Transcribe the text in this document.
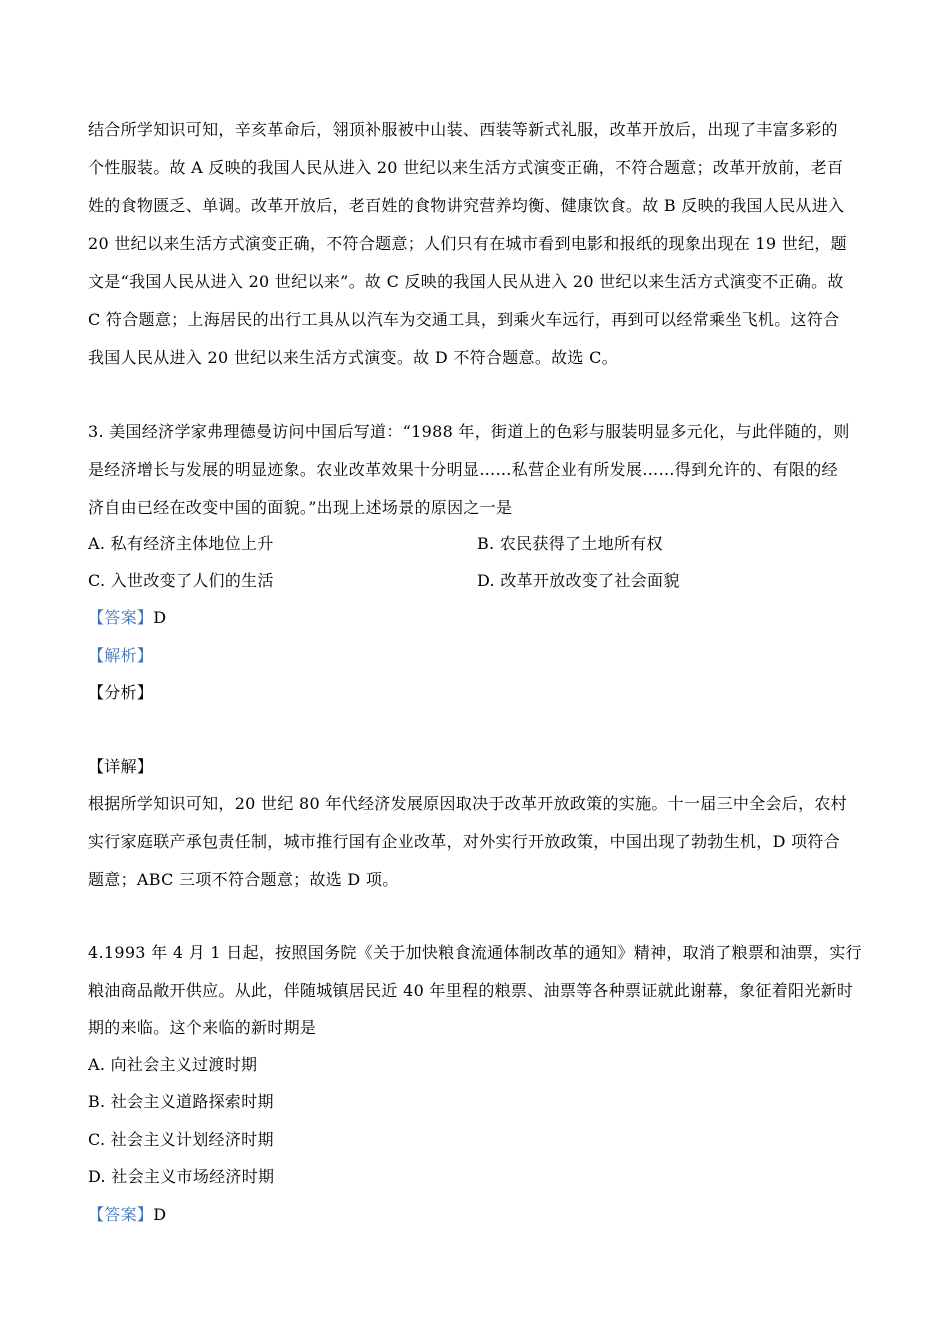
结合所学知识可知，辛亥革命后，翎顶补服被中山装、西装等新式礼服，改革开放后，出现了丰富多彩的
个性服装。故 A 反映的我国人民从进入 20 世纪以来生活方式演变正确，不符合题意；改革开放前，老百
姓的食物匮乏、单调。改革开放后，老百姓的食物讲究营养均衡、健康饮食。故 B 反映的我国人民从进入
20 世纪以来生活方式演变正确，不符合题意；人们只有在城市看到电影和报纸的现象出现在 19 世纪，题
文是“我国人民从进入 20 世纪以来”。故 C 反映的我国人民从进入 20 世纪以来生活方式演变不正确。故
C 符合题意；上海居民的出行工具从以汽车为交通工具，到乘火车远行，再到可以经常乘坐飞机。这符合
我国人民从进入 20 世纪以来生活方式演变。故 D 不符合题意。故选 C。
3. 美国经济学家弗理德曼访问中国后写道：“1988 年，街道上的色彩与服装明显多元化，与此伴随的，则
是经济增长与发展的明显迹象。农业改革效果十分明显……私营企业有所发展……得到允许的、有限的经
济自由已经在改变中国的面貌。”出现上述场景的原因之一是
A. 私有经济主体地位上升	B. 农民获得了土地所有权
C. 入世改变了人们的生活	D. 改革开放改变了社会面貌
【答案】D
【解析】
【分析】
【详解】
根据所学知识可知，20 世纪 80 年代经济发展原因取决于改革开放政策的实施。十一届三中全会后，农村
实行家庭联产承包责任制，城市推行国有企业改革，对外实行开放政策，中国出现了勃勃生机，D 项符合
题意；ABC 三项不符合题意；故选 D 项。
4.1993 年 4 月 1 日起，按照国务院《关于加快粮食流通体制改革的通知》精神，取消了粮票和油票，实行
粮油商品敞开供应。从此，伴随城镇居民近 40 年里程的粮票、油票等各种票证就此谢幕，象征着阳光新时
期的来临。这个来临的新时期是
A. 向社会主义过渡时期
B. 社会主义道路探索时期
C. 社会主义计划经济时期
D. 社会主义市场经济时期
【答案】D
